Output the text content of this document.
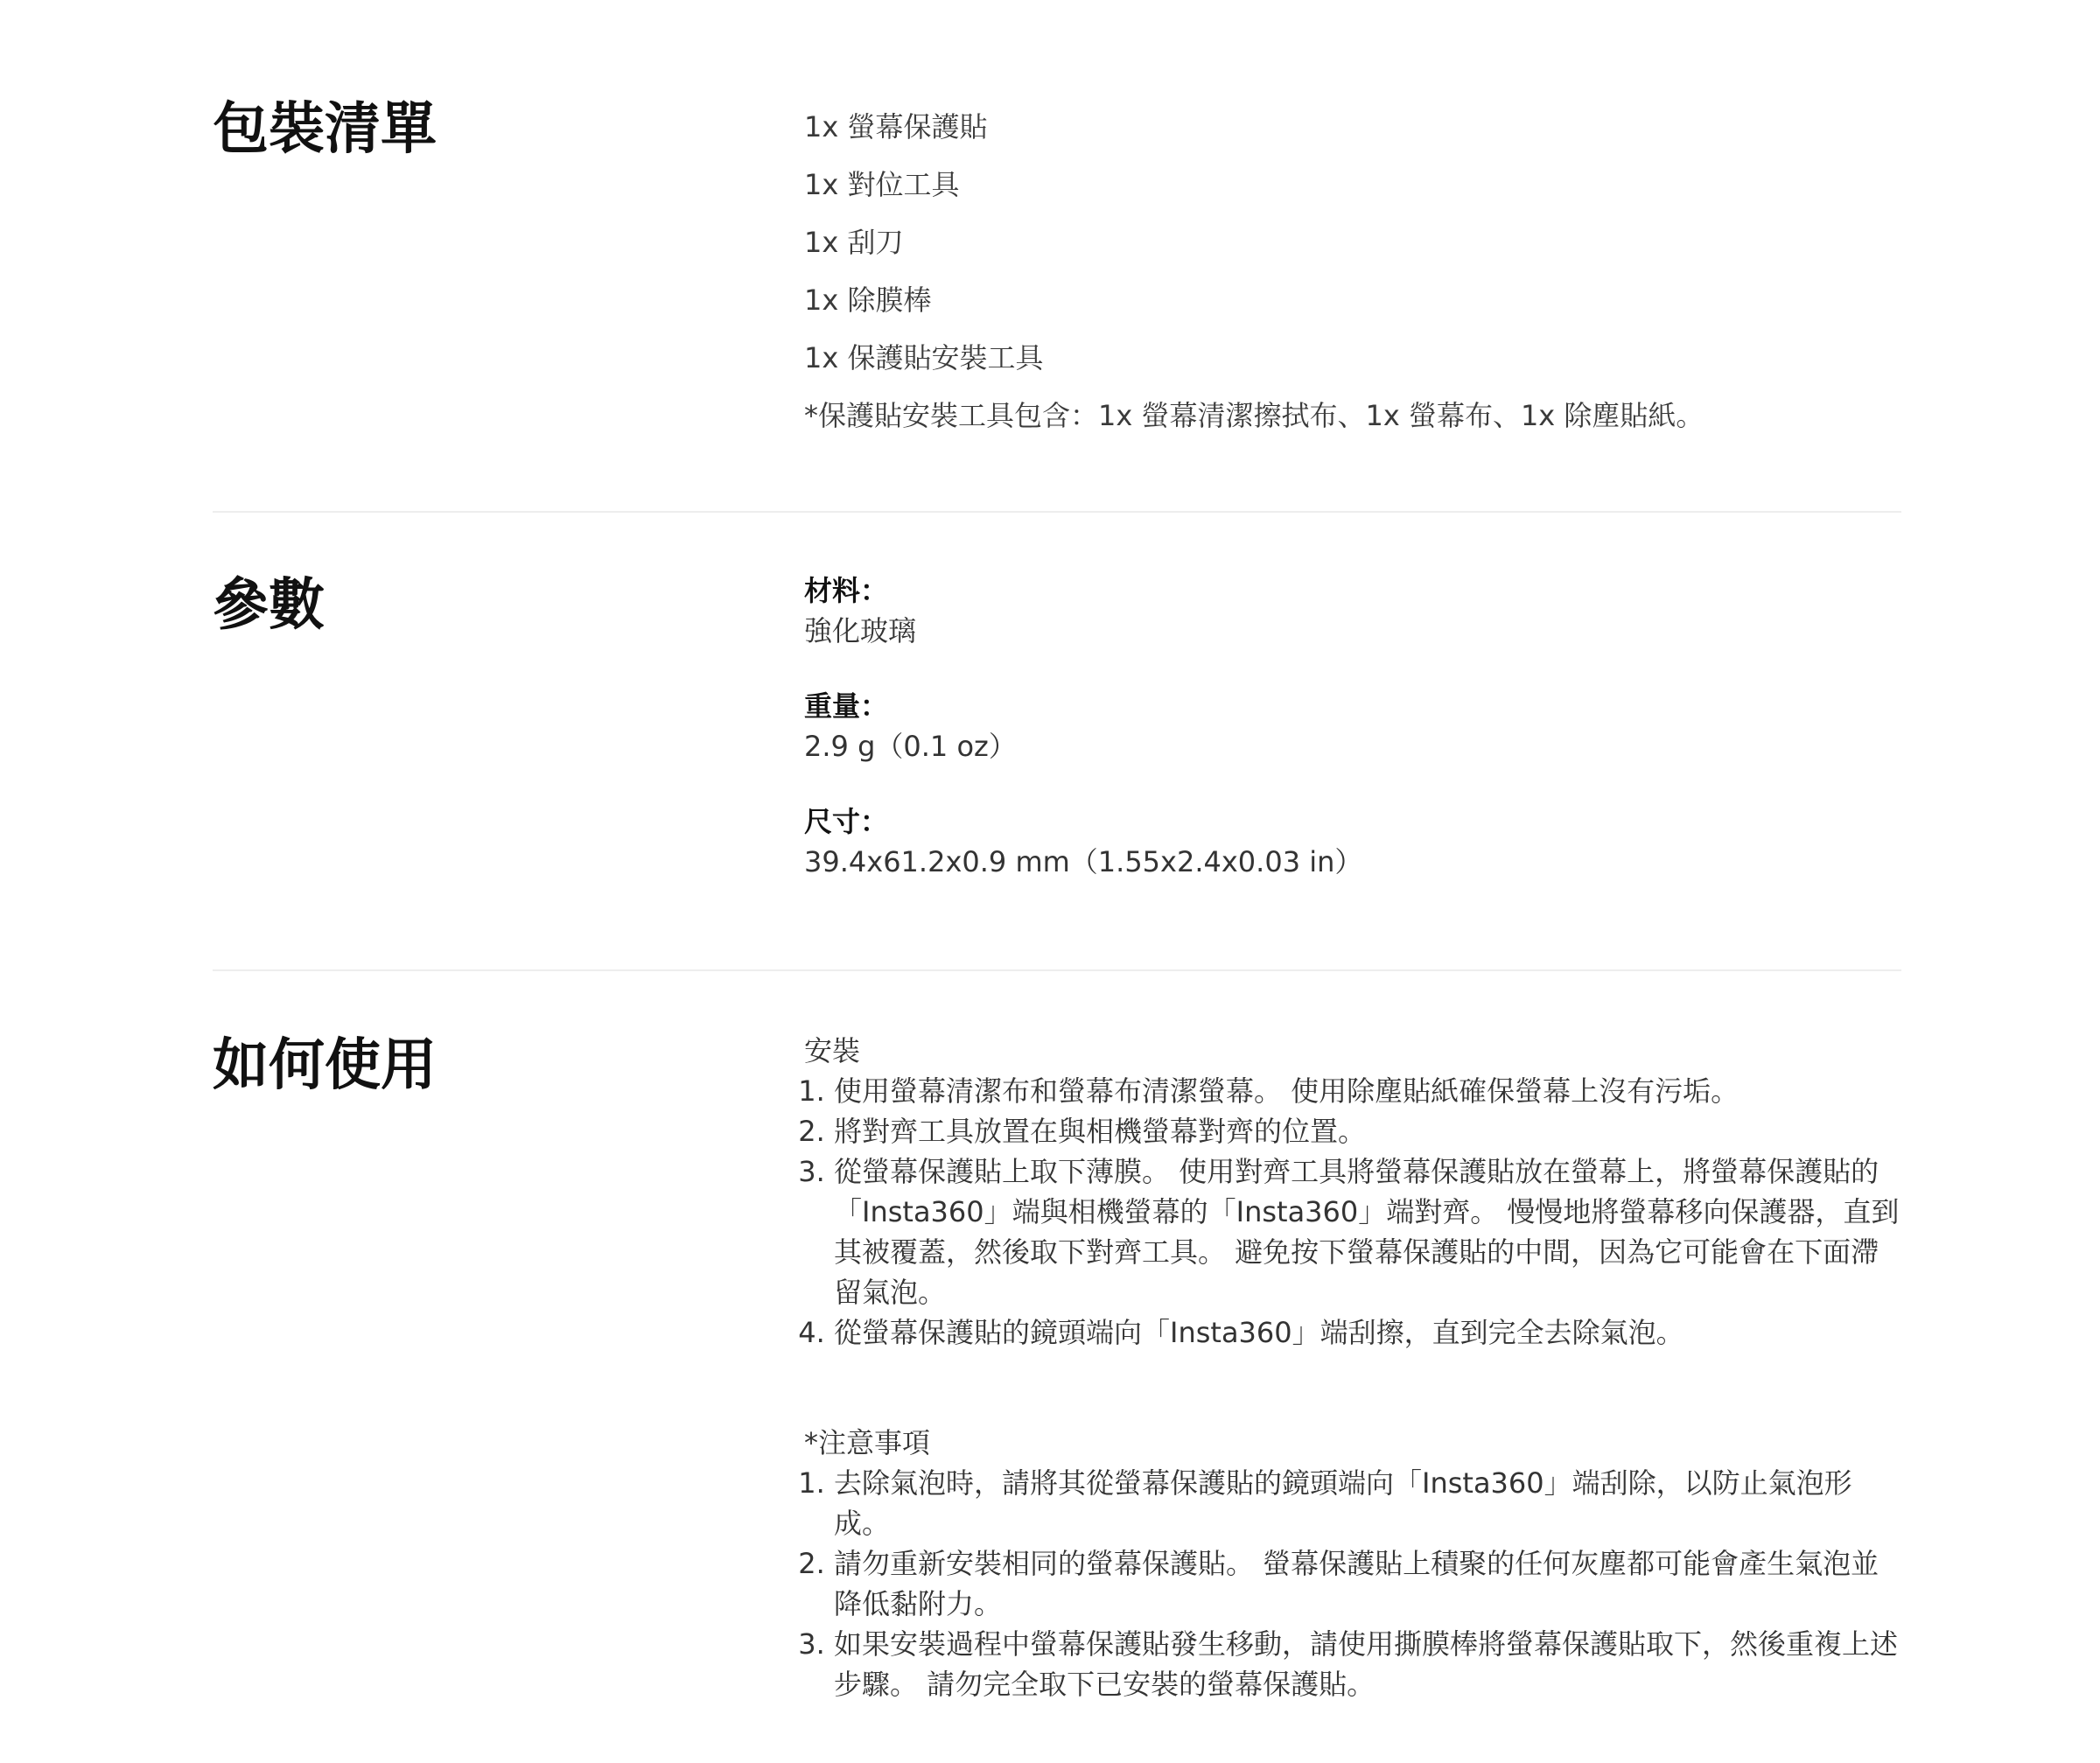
包裝清單	1x 螢幕保護貼
1x 對位工具
1x 刮刀
1x 除膜棒
1x 保護貼安裝工具
*保護貼安裝工具包含：1x 螢幕清潔擦拭布、1x 螢幕布、1x 除塵貼紙。
參數	材料：
強化玻璃
重量：
2.9 g（0.1 oz）
尺寸：
39.4x61.2x0.9 mm（1.55x2.4x0.03 in）
如何使用	安裝
1. 使用螢幕清潔布和螢幕布清潔螢幕。 使用除塵貼紙確保螢幕上沒有污垢。
2. 將對齊工具放置在與相機螢幕對齊的位置。
3. 從螢幕保護貼上取下薄膜。 使用對齊工具將螢幕保護貼放在螢幕上，將螢幕保護貼的「Insta360」端與相機螢幕的「Insta360」端對齊。 慢慢地將螢幕移向保護器，直到其被覆蓋，然後取下對齊工具。 避免按下螢幕保護貼的中間，因為它可能會在下面滯留氣泡。
4. 從螢幕保護貼的鏡頭端向「Insta360」端刮擦，直到完全去除氣泡。
*注意事項
1. 去除氣泡時，請將其從螢幕保護貼的鏡頭端向「Insta360」端刮除，以防止氣泡形成。
2. 請勿重新安裝相同的螢幕保護貼。 螢幕保護貼上積聚的任何灰塵都可能會產生氣泡並降低黏附力。
3. 如果安裝過程中螢幕保護貼發生移動，請使用撕膜棒將螢幕保護貼取下，然後重複上述步驟。 請勿完全取下已安裝的螢幕保護貼。
